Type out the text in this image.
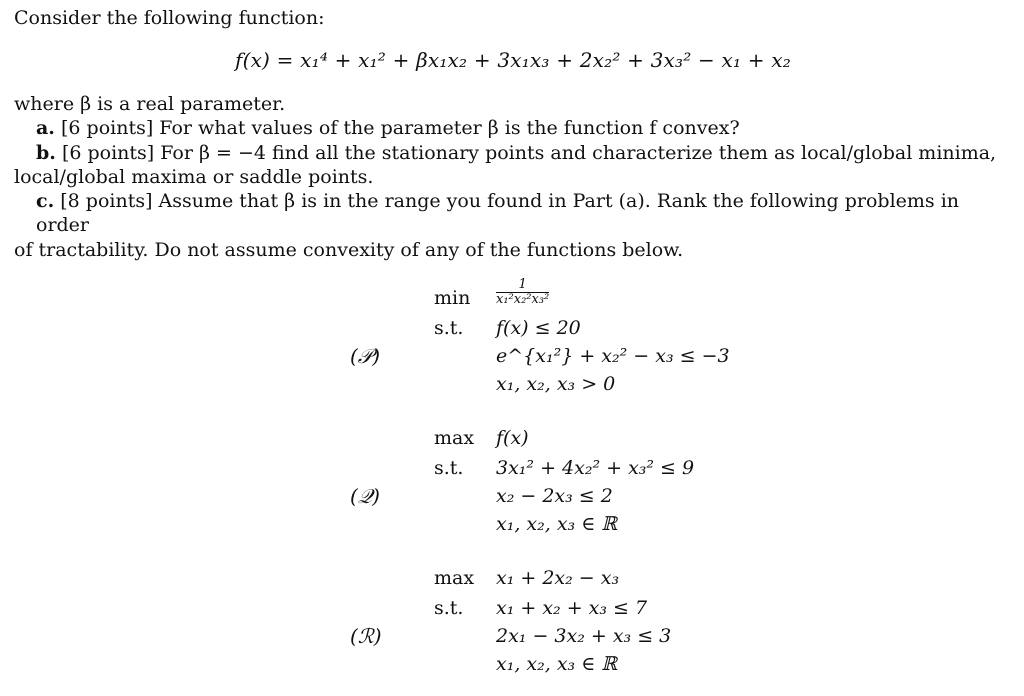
Consider the following function:

f(x) = x₁⁴ + x₁² + βx₁x₂ + 3x₁x₃ + 2x₂² + 3x₃² − x₁ + x₂

where β is a real parameter.

a. [6 points] For what values of the parameter β is the function f convex?
b. [6 points] For β = −4 find all the stationary points and characterize them as local/global minima,
local/global maxima or saddle points.
c. [8 points] Assume that β is in the range you found in Part (a). Rank the following problems in order
of tractability. Do not assume convexity of any of the functions below.
min	$\frac{1}{\text{x₁²x₂²x₃²}}$
s.t.	f(x) ≤ 20
(𝒫)	e^{x₁²} + x₂² − x₃ ≤ −3
x₁, x₂, x₃ > 0
max	f(x)
s.t.	3x₁² + 4x₂² + x₃² ≤ 9
(𝒬)	x₂ − 2x₃ ≤ 2
x₁, x₂, x₃ ∈ ℝ
max	x₁ + 2x₂ − x₃
s.t.	x₁ + x₂ + x₃ ≤ 7
(ℛ)	2x₁ − 3x₂ + x₃ ≤ 3
x₁, x₂, x₃ ∈ ℝ
